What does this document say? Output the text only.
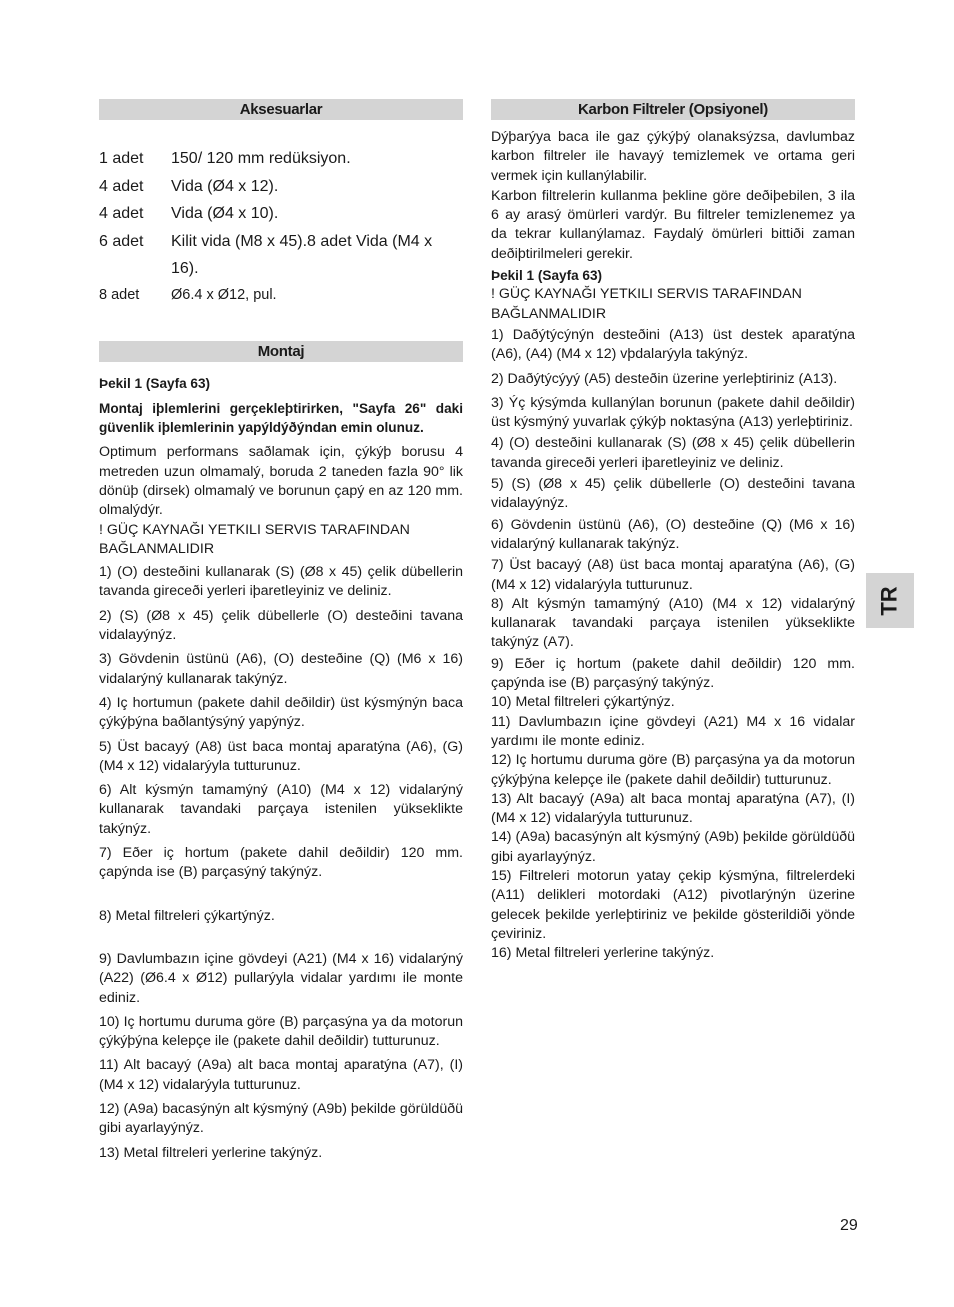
Aksesuarlar
1 adet	150/ 120 mm redüksiyon.
4 adet	Vida (Ø4 x 12).
4 adet	Vida (Ø4 x 10).
6 adet	Kilit vida (M8 x 45).8 adet Vida (M4 x 16).
8 adet	Ø6.4 x Ø12, pul.
Montaj

Þekil 1 (Sayfa 63)

Montaj iþlemlerini gerçekleþtirirken, "Sayfa 26" daki güvenlik iþlemlerinin yapýldýðýndan emin olunuz.

Optimum performans saðlamak için, çýkýþ borusu 4 metreden uzun olmamalý, boruda 2 taneden fazla 90° lik dönüþ (dirsek) olmamalý ve borunun çapý en az 120 mm. olmalýdýr.

! GÜÇ KAYNAĞI YETKILI SERVIS TARAFINDAN BAĞLANMALIDIR

1) (O) desteðini kullanarak (S) (Ø8 x 45) çelik dübellerin tavanda gireceði yerleri iþaretleyiniz ve deliniz.

2) (S) (Ø8 x 45) çelik dübellerle (O) desteðini tavana vidalayýnýz.

3) Gövdenin üstünü (A6), (O) desteðine (Q) (M6 x 16) vidalarýný kullanarak takýnýz.

4) Iç hortumun (pakete dahil deðildir) üst kýsmýnýn baca çýkýþýna baðlantýsýný yapýnýz.

5) Üst bacayý (A8) üst baca montaj aparatýna (A6), (G) (M4 x 12) vidalarýyla tutturunuz.

6) Alt kýsmýn tamamýný (A10) (M4 x 12) vidalarýný kullanarak tavandaki parçaya istenilen yükseklikte takýnýz.

7) Eðer iç hortum (pakete dahil deðildir) 120 mm. çapýnda ise (B) parçasýný takýnýz.

8) Metal filtreleri çýkartýnýz.

9) Davlumbazın içine gövdeyi (A21) (M4 x 16) vidalarýný (A22) (Ø6.4 x Ø12) pullarýyla vidalar yardımı ile monte ediniz.

10) Iç hortumu duruma göre (B) parçasýna ya da motorun çýkýþýna kelepçe ile (pakete dahil deðildir) tutturunuz.

11) Alt bacayý (A9a) alt baca montaj aparatýna (A7), (I) (M4 x 12) vidalarýyla tutturunuz.

12) (A9a) bacasýnýn alt kýsmýný (A9b) þekilde görüldüðü gibi ayarlayýnýz.

13) Metal filtreleri yerlerine takýnýz.

Karbon Filtreler (Opsiyonel)

Dýþarýya baca ile gaz çýkýþý olanaksýzsa, davlumbaz karbon filtreler ile havayý temizlemek ve ortama geri vermek için kullanýlabilir.

Karbon filtrelerin kullanma þekline göre deðiþebilen, 3 ila 6 ay arasý ömürleri vardýr. Bu filtreler temizlenemez ya da tekrar kullanýlamaz. Faydalý ömürleri bittiði zaman deðiþtirilmeleri gerekir.

Þekil 1 (Sayfa 63)

! GÜÇ KAYNAĞI YETKILI SERVIS TARAFINDAN BAĞLANMALIDIR

1) Daðýtýcýnýn desteðini (A13) üst destek aparatýna (A6), (A4) (M4 x 12) vþdalarýyla takýnýz.

2) Daðýtýcýyý (A5) desteðin üzerine yerleþtiriniz (A13).

3) Ýç kýsýmda kullanýlan borunun (pakete dahil deðildir) üst kýsmýný yuvarlak çýkýþ noktasýna (A13) yerleþtiriniz.

4) (O) desteðini kullanarak (S) (Ø8 x 45) çelik dübellerin tavanda gireceði yerleri iþaretleyiniz ve deliniz.

5) (S) (Ø8 x 45) çelik dübellerle (O) desteðini tavana vidalayýnýz.

6) Gövdenin üstünü (A6), (O) desteðine (Q) (M6 x 16) vidalarýný kullanarak takýnýz.

7) Üst bacayý (A8) üst baca montaj aparatýna (A6), (G) (M4 x 12) vidalarýyla tutturunuz.

8) Alt kýsmýn tamamýný (A10) (M4 x 12) vidalarýný kullanarak tavandaki parçaya istenilen yükseklikte takýnýz (A7).

9) Eðer iç hortum (pakete dahil deðildir) 120 mm. çapýnda ise (B) parçasýný takýnýz.

10) Metal filtreleri çýkartýnýz.

11) Davlumbazın içine gövdeyi (A21) M4 x 16 vidalar yardımı ile monte ediniz.

12) Iç hortumu duruma göre (B) parçasýna ya da motorun çýkýþýna kelepçe ile (pakete dahil deðildir) tutturunuz.

13) Alt bacayý (A9a) alt baca montaj aparatýna (A7), (I) (M4 x 12) vidalarýyla tutturunuz.

14) (A9a) bacasýnýn alt kýsmýný (A9b) þekilde görüldüðü gibi ayarlayýnýz.

15) Filtreleri motorun yatay çekip kýsmýna, filtrelerdeki (A11) delikleri motordaki (A12) pivotlarýnýn üzerine gelecek þekilde yerleþtiriniz ve þekilde gösterildiði yönde çeviriniz.

16) Metal filtreleri yerlerine takýnýz.

TR
29
